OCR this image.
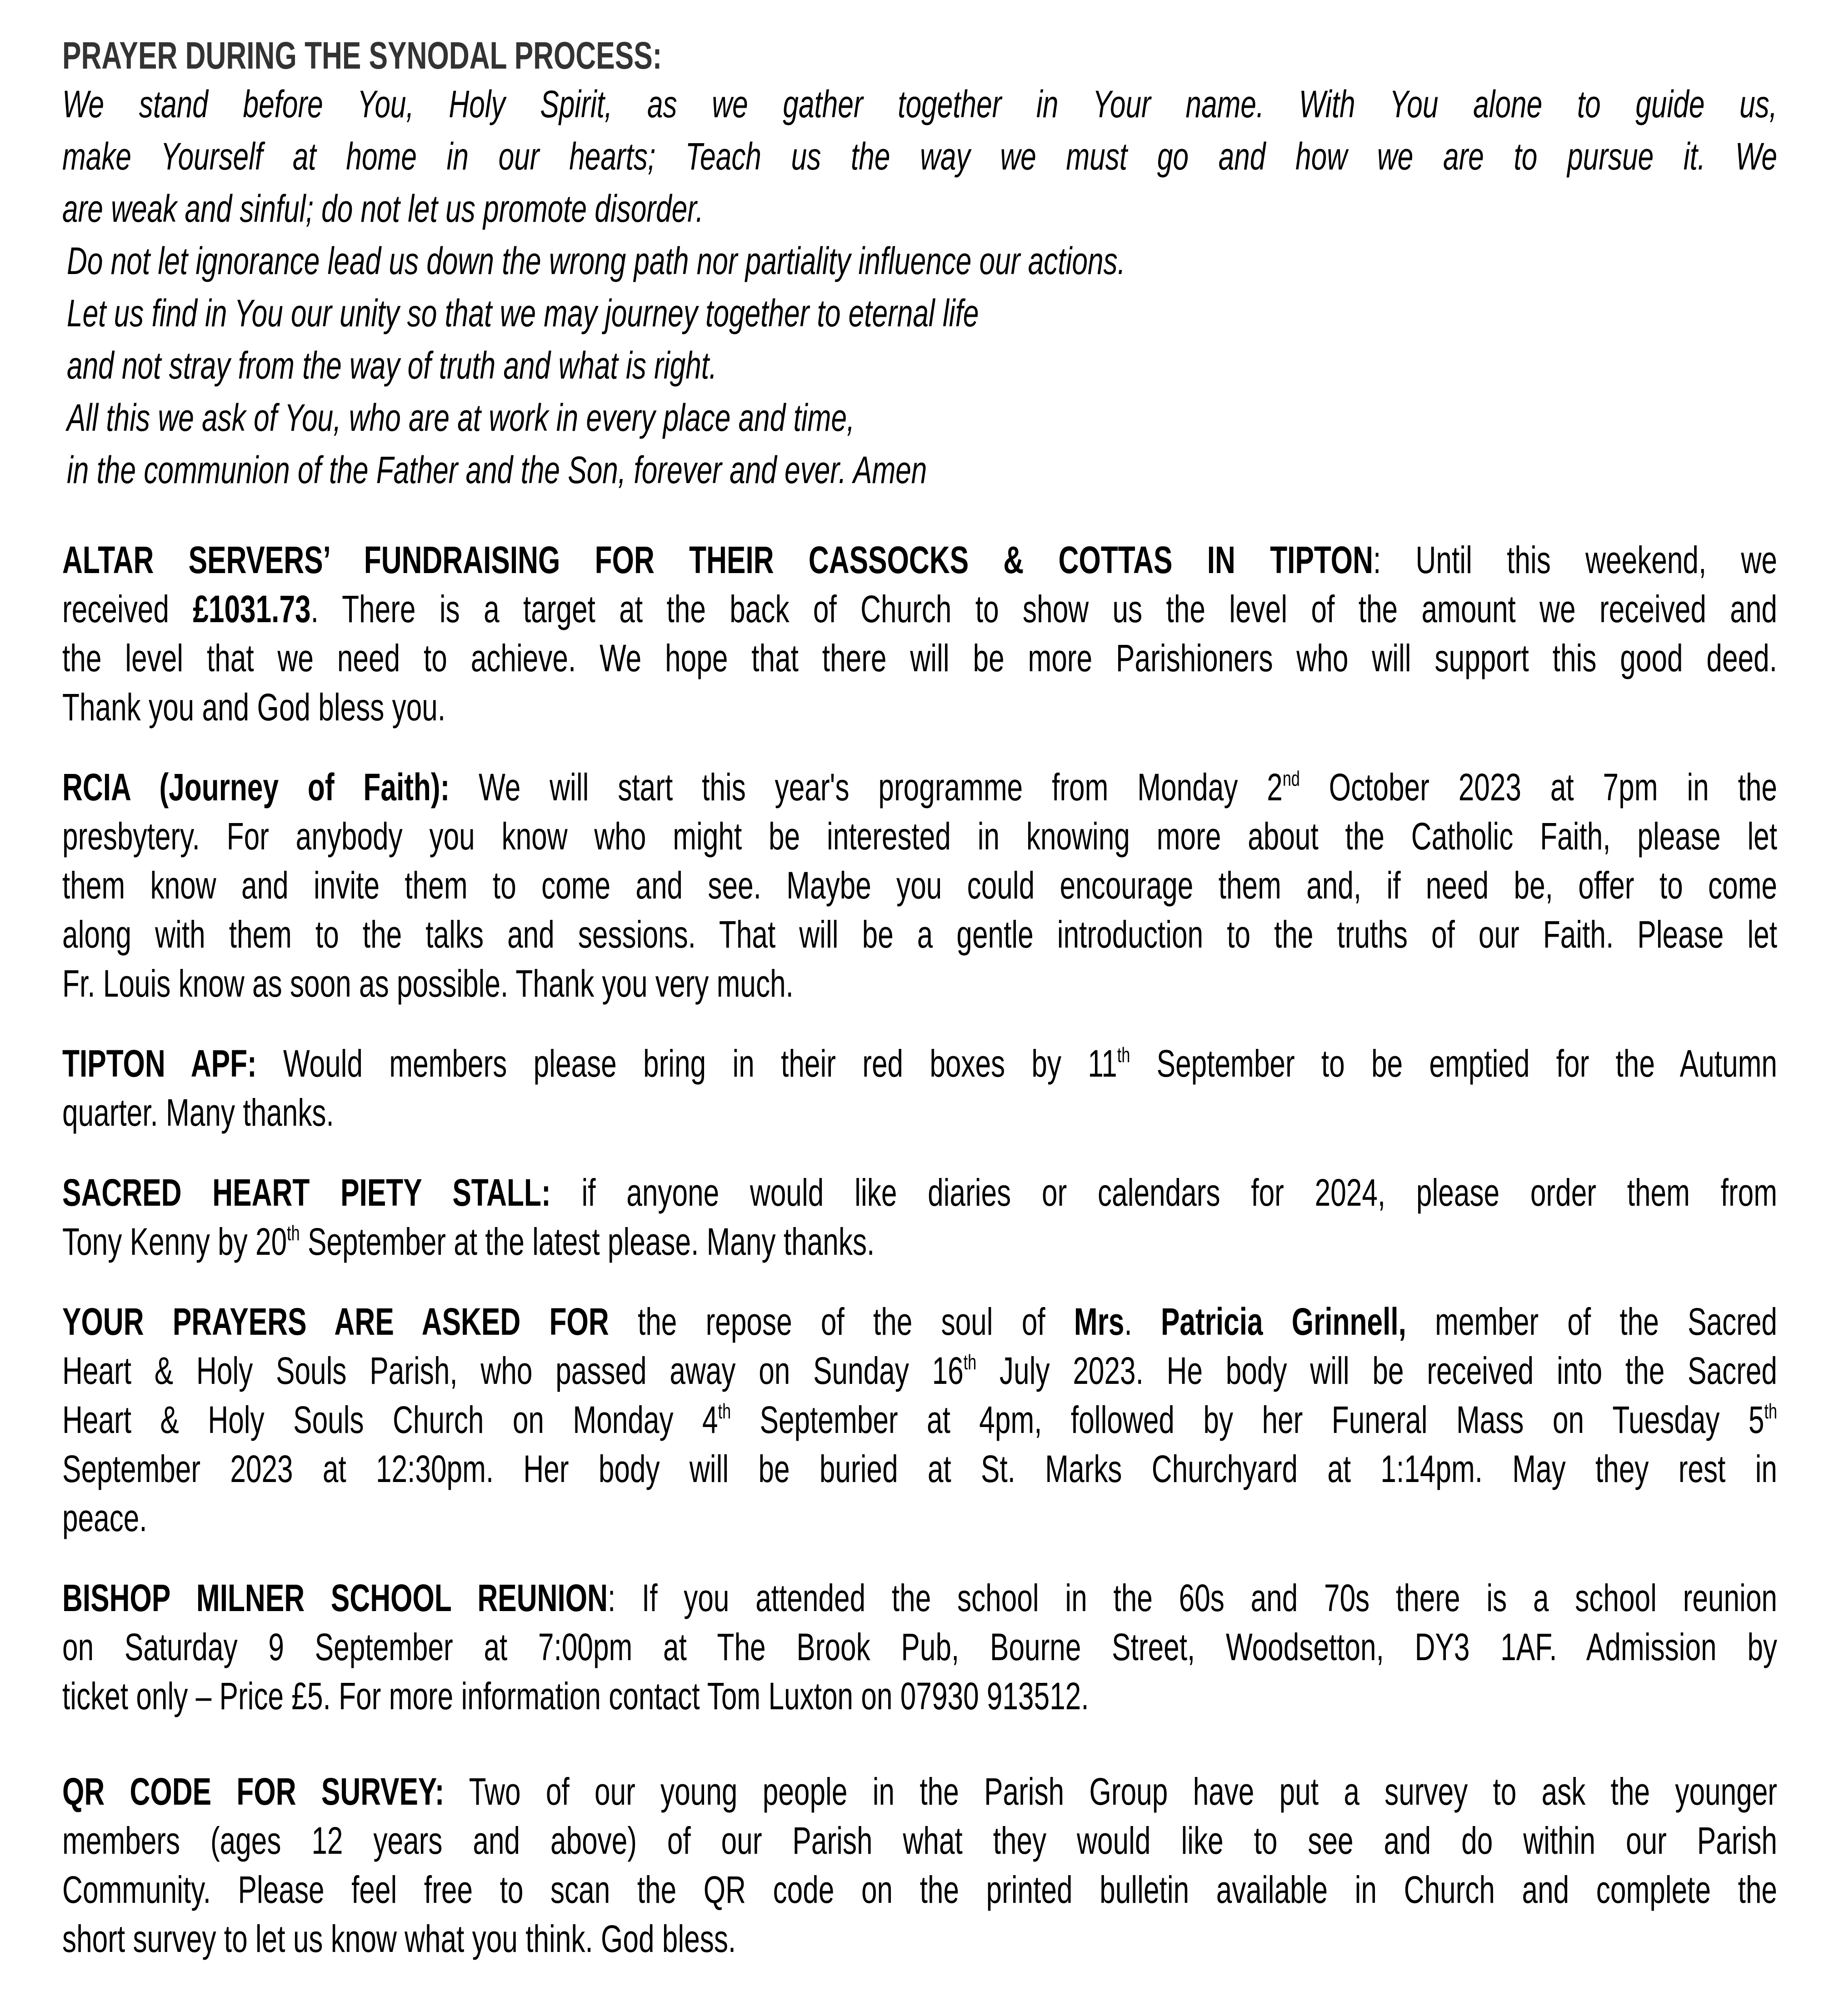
PRAYER DURING THE SYNODAL PROCESS:
We stand before You, Holy Spirit, as we gather together in Your name. With You alone to guide us,
make Yourself at home in our hearts; Teach us the way we must go and how we are to pursue it. We
are weak and sinful; do not let us promote disorder.
Do not let ignorance lead us down the wrong path nor partiality influence our actions.
Let us find in You our unity so that we may journey together to eternal life
and not stray from the way of truth and what is right.
All this we ask of You, who are at work in every place and time,
in the communion of the Father and the Son, forever and ever. Amen
ALTAR SERVERS’ FUNDRAISING FOR THEIR CASSOCKS & COTTAS IN TIPTON: Until this weekend, we
received £1031.73. There is a target at the back of Church to show us the level of the amount we received and
the level that we need to achieve. We hope that there will be more Parishioners who will support this good deed.
Thank you and God bless you.
RCIA (Journey of Faith): We will start this year's programme from Monday 2nd October 2023 at 7pm in the
presbytery. For anybody you know who might be interested in knowing more about the Catholic Faith, please let
them know and invite them to come and see. Maybe you could encourage them and, if need be, offer to come
along with them to the talks and sessions. That will be a gentle introduction to the truths of our Faith. Please let
Fr. Louis know as soon as possible. Thank you very much.
TIPTON APF: Would members please bring in their red boxes by 11th September to be emptied for the Autumn
quarter. Many thanks.
SACRED HEART PIETY STALL: if anyone would like diaries or calendars for 2024, please order them from
Tony Kenny by 20th September at the latest please. Many thanks.
YOUR PRAYERS ARE ASKED FOR the repose of the soul of Mrs. Patricia Grinnell, member of the Sacred
Heart & Holy Souls Parish, who passed away on Sunday 16th July 2023. He body will be received into the Sacred
Heart & Holy Souls Church on Monday 4th September at 4pm, followed by her Funeral Mass on Tuesday 5th
September 2023 at 12:30pm. Her body will be buried at St. Marks Churchyard at 1:14pm. May they rest in
peace.
BISHOP MILNER SCHOOL REUNION: If you attended the school in the 60s and 70s there is a school reunion
on Saturday 9 September at 7:00pm at The Brook Pub, Bourne Street, Woodsetton, DY3 1AF. Admission by
ticket only – Price £5. For more information contact Tom Luxton on 07930 913512.
QR CODE FOR SURVEY: Two of our young people in the Parish Group have put a survey to ask the younger
members (ages 12 years and above) of our Parish what they would like to see and do within our Parish
Community. Please feel free to scan the QR code on the printed bulletin available in Church and complete the
short survey to let us know what you think. God bless.
